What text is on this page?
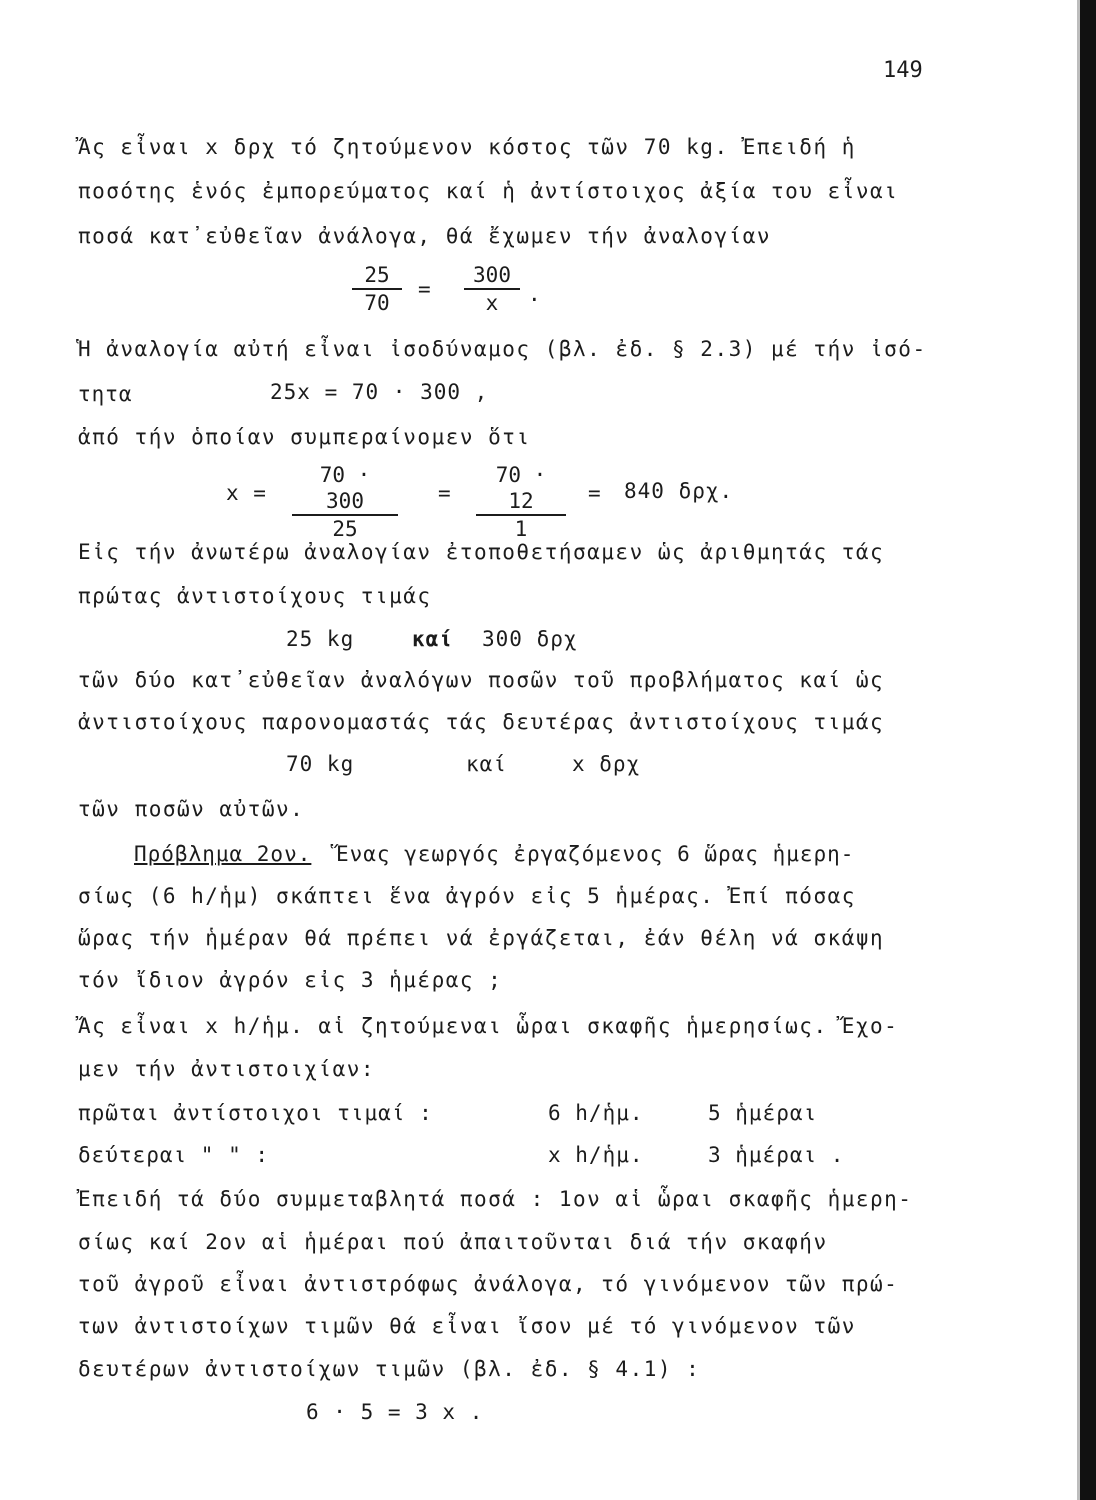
149
Ἄς εἶναι x δρχ τό ζητούμενον κόστος τῶν 70 kg. Ἐπειδή ἡ
ποσότης ἑνός ἐμπορεύματος καί ἡ ἀντίστοιχος ἀξία του εἶναι
ποσά κατ᾽εὐθεῖαν ἀνάλογα, θά ἔχωμεν τήν ἀναλογίαν
$\frac{25}{70} = \frac{300}{x}$ .
Ἡ ἀναλογία αὐτή εἶναι ἰσοδύναμος (βλ. ἐδ. § 2.3) μέ τήν ἰσό-
τητα	25x = 70 · 300 ,
ἀπό τήν ὁποίαν συμπεραίνομεν ὅτι
$x = \frac{70 \cdot 300}{25} = \frac{70 \cdot 12}{1} = 840$ δρχ.
Εἰς τήν ἀνωτέρω ἀναλογίαν ἐτοποθετήσαμεν ὡς ἀριθμητάς τάς
πρώτας ἀντιστοίχους τιμάς
25 kg	καί 300 δρχ
τῶν δύο κατ᾽εὐθεῖαν ἀναλόγων ποσῶν τοῦ προβλήματος καί ὡς
ἀντιστοίχους παρονομαστάς τάς δευτέρας ἀντιστοίχους τιμάς
70 kg	καί	x δρχ
τῶν ποσῶν αὐτῶν.
Πρόβλημα 2ον. Ἕνας γεωργός ἐργαζόμενος 6 ὥρας ἡμερη-
σίως (6 h/ἡμ) σκάπτει ἕνα ἀγρόν εἰς 5 ἡμέρας. Ἐπί πόσας
ὥρας τήν ἡμέραν θά πρέπει νά ἐργάζεται, ἐάν θέλη νά σκάψη
τόν ἴδιον ἀγρόν εἰς 3 ἡμέρας ;
Ἄς εἶναι x h/ἡμ. αἱ ζητούμεναι ὧραι σκαφῆς ἡμερησίως. Ἔχο-
μεν τήν ἀντιστοιχίαν:
πρῶται ἀντίστοιχοι τιμαί :	6 h/ἡμ.	5 ἡμέραι
δεύτεραι " " :	x h/ἡμ.	3 ἡμέραι .
Ἐπειδή τά δύο συμμεταβλητά ποσά : 1ον αἱ ὧραι σκαφῆς ἡμερη-
σίως καί 2ον αἱ ἡμέραι πού ἀπαιτοῦνται διά τήν σκαφήν
τοῦ ἀγροῦ εἶναι ἀντιστρόφως ἀνάλογα, τό γινόμενον τῶν πρώ-
των ἀντιστοίχων τιμῶν θά εἶναι ἴσον μέ τό γινόμενον τῶν
δευτέρων ἀντιστοίχων τιμῶν (βλ. ἐδ. § 4.1) :
6 · 5 = 3 x .
